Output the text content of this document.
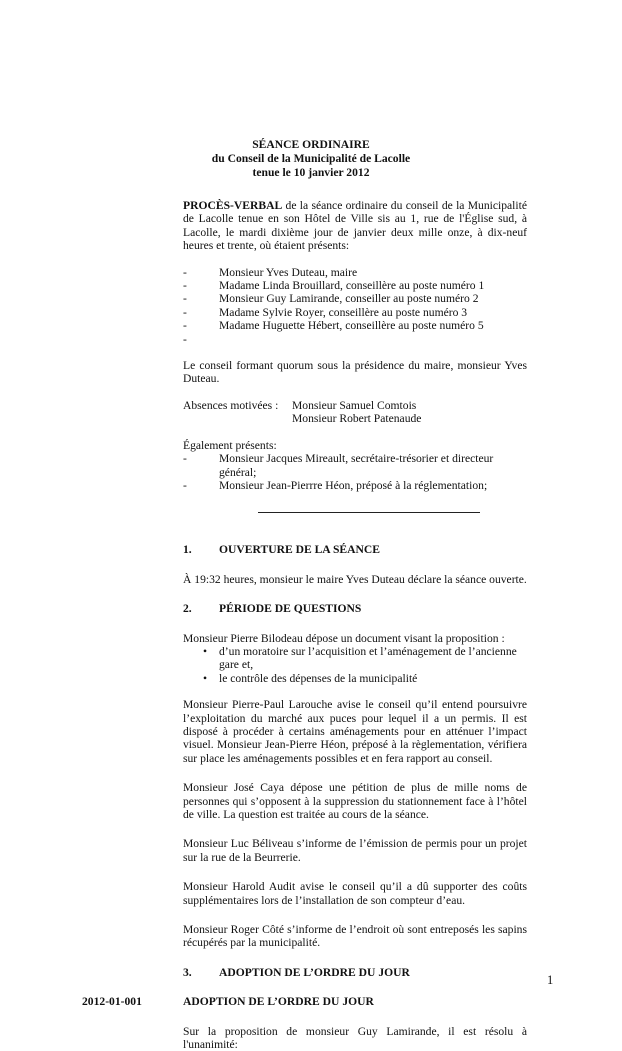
SÉANCE ORDINAIRE
du Conseil de la Municipalité de Lacolle
tenue le 10 janvier 2012

PROCÈS-VERBAL de la séance ordinaire du conseil de la Municipalité de Lacolle tenue en son Hôtel de Ville sis au 1, rue de l'Église sud, à Lacolle, le mardi dixième jour de janvier deux mille onze, à dix-neuf heures et trente, où étaient présents:

-	Monsieur Yves Duteau, maire
-	Madame Linda Brouillard, conseillère au poste numéro 1
-	Monsieur Guy Lamirande, conseiller au poste numéro 2
-	Madame Sylvie Royer, conseillère au poste numéro 3
-	Madame Huguette Hébert, conseillère au poste numéro 5
-

Le conseil formant quorum sous la présidence du maire, monsieur Yves Duteau.

Absences motivées :	Monsieur Samuel Comtois
Monsieur Robert Patenaude
Également présents:
-	Monsieur Jacques Mireault, secrétaire-trésorier et directeur général;
-	Monsieur Jean-Pierrre Héon, préposé à la réglementation;
1.	OUVERTURE DE LA SÉANCE

À 19:32 heures, monsieur le maire Yves Duteau déclare la séance ouverte.

2.	PÉRIODE DE QUESTIONS

Monsieur Pierre Bilodeau dépose un document visant la proposition :

•	d’un moratoire sur l’acquisition et l’aménagement de l’ancienne gare et,
•	le contrôle des dépenses de la municipalité

Monsieur Pierre-Paul Larouche avise le conseil qu’il entend poursuivre l’exploitation du marché aux puces pour lequel il a un permis. Il est disposé à procéder à certains aménagements pour en atténuer l’impact visuel. Monsieur Jean-Pierre Héon, préposé à la règlementation, vérifiera sur place les aménagements possibles et en fera rapport au conseil.

Monsieur José Caya dépose une pétition de plus de mille noms de personnes qui s’opposent à la suppression du stationnement face à l’hôtel de ville. La question est traitée au cours de la séance.

Monsieur Luc Béliveau s’informe de l’émission de permis pour un projet sur la rue de la Beurrerie.

Monsieur Harold Audit avise le conseil qu’il a dû supporter des coûts supplémentaires lors de l’installation de son compteur d’eau.

Monsieur Roger Côté s’informe de l’endroit où sont entreposés les sapins récupérés par la municipalité.

3.	ADOPTION DE L’ORDRE DU JOUR
2012-01-001	ADOPTION DE L’ORDRE DU JOUR

Sur la proposition de monsieur Guy Lamirande, il est résolu à l'unanimité:

1
